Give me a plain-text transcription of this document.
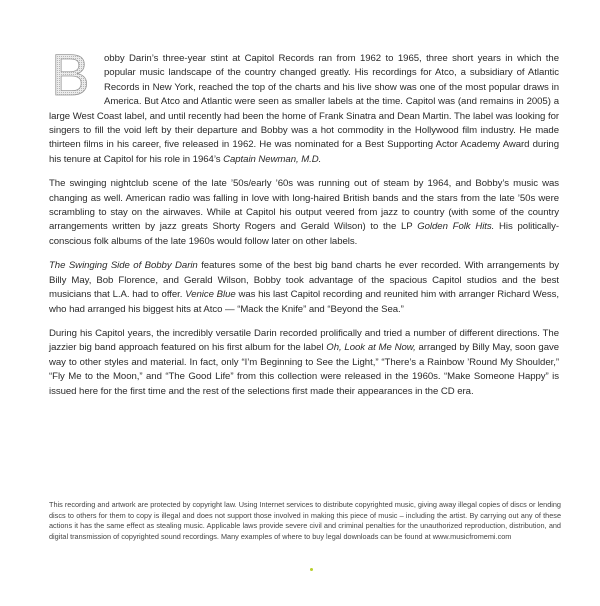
B obby Darin’s three-year stint at Capitol Records ran from 1962 to 1965, three short years in which the popular music landscape of the country changed greatly. His recordings for Atco, a subsidiary of Atlantic Records in New York, reached the top of the charts and his live show was one of the most popular draws in America. But Atco and Atlantic were seen as smaller labels at the time. Capitol was (and remains in 2005) a large West Coast label, and until recently had been the home of Frank Sinatra and Dean Martin. The label was looking for singers to fill the void left by their departure and Bobby was a hot commodity in the Hollywood film industry. He made thirteen films in his career, five released in 1962. He was nominated for a Best Supporting Actor Academy Award during his tenure at Capitol for his role in 1964’s Captain Newman, M.D.

The swinging nightclub scene of the late ’50s/early ’60s was running out of steam by 1964, and Bobby’s music was changing as well. American radio was falling in love with long-haired British bands and the stars from the late ’50s were scrambling to stay on the airwaves. While at Capitol his output veered from jazz to country (with some of the country arrangements written by jazz greats Shorty Rogers and Gerald Wilson) to the LP Golden Folk Hits. His politically-conscious folk albums of the late 1960s would follow later on other labels.

The Swinging Side of Bobby Darin features some of the best big band charts he ever recorded. With arrangements by Billy May, Bob Florence, and Gerald Wilson, Bobby took advantage of the spacious Capitol studios and the best musicians that L.A. had to offer. Venice Blue was his last Capitol recording and reunited him with arranger Richard Wess, who had arranged his biggest hits at Atco — “Mack the Knife” and “Beyond the Sea.”

During his Capitol years, the incredibly versatile Darin recorded prolifically and tried a number of different directions. The jazzier big band approach featured on his first album for the label Oh, Look at Me Now, arranged by Billy May, soon gave way to other styles and material. In fact, only “I’m Beginning to See the Light,” “There’s a Rainbow ’Round My Shoulder,” “Fly Me to the Moon,” and “The Good Life” from this collection were released in the 1960s. “Make Someone Happy” is issued here for the first time and the rest of the selections first made their appearances in the CD era.

This recording and artwork are protected by copyright law. Using Internet services to distribute copyrighted music, giving away illegal copies of discs or lending discs to others for them to copy is illegal and does not support those involved in making this piece of music – including the artist. By carrying out any of these actions it has the same effect as stealing music. Applicable laws provide severe civil and criminal penalties for the unauthorized reproduction, distribution, and digital transmission of copyrighted sound recordings. Many examples of where to buy legal downloads can be found at www.musicfromemi.com
